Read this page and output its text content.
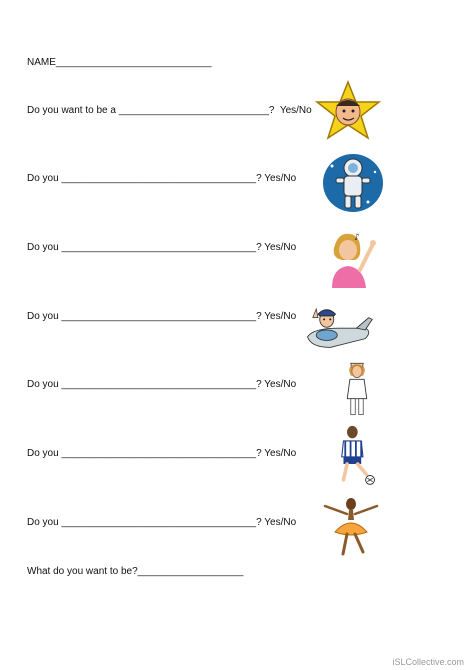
NAME____________________________
Do you want to be a ___________________________?  Yes/No
Do you ___________________________________? Yes/No
Do you ___________________________________? Yes/No
Do you ___________________________________? Yes/No
Do you ___________________________________? Yes/No
Do you ___________________________________? Yes/No
Do you ___________________________________? Yes/No
What do you want to be?___________________
♪
iSLCollective.com
